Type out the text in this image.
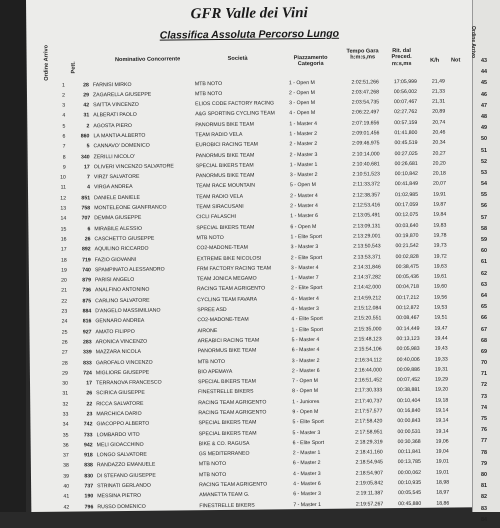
GFR Valle dei Vini
Classifica Assoluta Percorso Lungo
Ordine Arrivo	Pett.
Nominativo Concorrente	Società	Piazzamento Categoria
Tempo Gara h:m:s,ms
Rit. dal Preced. m:s,ms
K/h	Not
1	28 FARNISI MIRKO	MTB NOTO	1 - Open M	2:02:51,266	17:05,999	21,49
2	29 ZAGARELLA GIUSEPPE	MTB NOTO	2 - Open M	2:03:47,268	00:56,002	21,33
3	42 SAITTA VINCENZO	ELIOS CODE FACTORY RACING	3 - Open M	2:03:54,735	00:07,467	21,31
4	31 ALBERATI PAOLO	A&G SPORTING CYCLING TEAM	4 - Open M	2:06:22,497	02:27,762	20,89
5	2 AGOSTA PIERO	PANORMUS BIKE TEAM	1 - Master 4	2:07:19,656	00:57,159	20,74
6	860 LA MANTIA ALBERTO	TEAM RADIO VELA	1 - Master 2	2:09:01,456	01:41,800	20,46
7	5 CANNAVO' DOMENICO	EUROBICI RACING TEAM	2 - Master 2	2:09:46,975	00:45,519	20,34
8	340 ZERILLI NICOLO'	PANORMUS BIKE TEAM	2 - Master 3	2:10:14,000	00:27,025	20,27
9	17 OLIVERI VINCENZO SALVATORE	SPECIAL BIKERS TEAM	1 - Master 1	2:10:40,681	00:26,681	20,20
10	7 VIRZI' SALVATORE	PANORMUS BIKE TEAM	3 - Master 2	2:10:51,523	00:10,842	20,18
11	4 VIRGA ANDREA	TEAM RACE MOUNTAIN	5 - Open M	2:11:33,372	00:41,849	20,07
12	851 DANIELE DANIELE	TEAM RADIO VELA	2 - Master 4	2:12:38,357	01:02,985	19,91
13	758 MONTELEONE GIANFRANCO	TEAM SIRACUSANI	2 - Master 4	2:12:53,416	00:17,059	19,87
14	707 DEMMA GIUSEPPE	CICLI FALASCHI	1 - Master 6	2:13:05,491	00:12,075	19,84
15	6 MIRABILE ALESSIO	SPECIAL BIKERS TEAM	6 - Open M	2:13:09,131	00:03,640	19,83
16	26 CASCHETTO GIUSEPPE	MTB NOTO	1 - Elite Sport	2:13:29,001	00:19,870	19,78
17	892 AQUILINO RICCARDO	CO2-MADONE-TEAM	3 - Master 3	2:13:50,543	00:21,542	19,73
18	719 FAZIO GIOVANNI	EXTREME BIKE NICOLOSI	2 - Elite Sport	2:13:53,371	00:02,828	19,72
19	740 SPAMPINATO ALESSANDRO	FRM FACTORY RACING TEAM	3 - Master 4	2:14:31,846	00:38,475	19,63
20	879 PARISI ANGELO	TEAM JONICA MEGAMO	1 - Master 7	2:14:37,282	00:05,436	19,61
21	736 ANALFINO ANTONINO	RACING TEAM AGRIGENTO	2 - Elite Sport	2:14:42,000	00:04,718	19,60
22	875 CARLINO SALVATORE	CYCLING TEAM FAVARA	4 - Master 4	2:14:59,212	00:17,212	19,56
23	884 D'ANGELO MASSIMILIANO	SPREE ASD	4 - Master 3	2:15:12,084	00:12,872	19,53
24	816 GENNARO ANDREA	CO2-MADONE-TEAM	4 - Elite Sport	2:15:20,551	00:08,467	19,51
25	927 AMATO FILIPPO	AIRONE	1 - Elite Sport	2:15:35,000	00:14,449	19,47
26	283 ARONICA VINCENZO	AREABICI RACING TEAM	5 - Master 4	2:15:48,123	00:13,123	19,44
27	339 MAZZARA NICOLA	PANORMUS BIKE TEAM	6 - Master 4	2:15:54,106	00:05,983	19,43
28	833 GAROFALO VINCENZO	MTB NOTO	3 - Master 2	2:16:34,112	00:40,006	19,33
29	724 MIGLIORE GIUSEPPE	BIO APEMAYA	2 - Master 6	2:16:44,000	00:09,886	19,31
30	17 TERRANOVA FRANCESCO	SPECIAL BIKERS TEAM	7 - Open M	2:16:51,452	00:07,452	19,29
31	26 SCIRICA GIUSEPPE	FINESTRELLE BIKERS	8 - Open M	2:17:30,333	00:38,881	19,20
32	22 RICCA SALVATORE	RACING TEAM AGRIGENTO	1 - Juniores	2:17:40,737	00:10,404	19,18
33	23 MARCHICA DARIO	RACING TEAM AGRIGENTO	9 - Open M	2:17:57,577	00:16,840	19,14
34	742 GIACOPPO ALBERTO	SPECIAL BIKERS TEAM	5 - Elite Sport	2:17:58,420	00:00,843	19,14
35	733 LOMBARDO VITO	SPECIAL BIKERS TEAM	5 - Master 3	2:17:58,951	00:00,531	19,14
36	942 MELI GIOACCHINO	BIKE & CO. RAGUSA	6 - Elite Sport	2:18:29,319	00:30,368	19,06
37	918 LONGO SALVATORE	GS MEDITERRANEO	2 - Master 1	2:18:41,160	00:11,841	19,04
38	838 RANDAZZO EMANUELE	MTB NOTO	6 - Master 2	2:18:54,945	00:13,785	19,01
39	830 DI STEFANO GIUSEPPE	MTB NOTO	4 - Master 3	2:18:54,907	00:00,062	19,01
40	737 STRINATI GERLANDO	RACING TEAM AGRIGENTO	4 - Master 6	2:19:05,842	00:10,935	18,98
41	190 MESSINA PIETRO	AMANETTA TEAM G.	6 - Master 3	2:19:11,387	00:05,545	18,97
42	796 RUSSO DOMENICO	FINESTRELLE BIKERS	7 - Master 1	2:19:57,267	00:45,880	18,86
Ordine Arrivo
43
44
45
46
47
48
49
50
51
52
53
54
55
56
57
58
59
60
61
62
63
64
65
66
67
68
69
70
71
72
73
74
75
76
77
78
79
80
81
82
83
84
